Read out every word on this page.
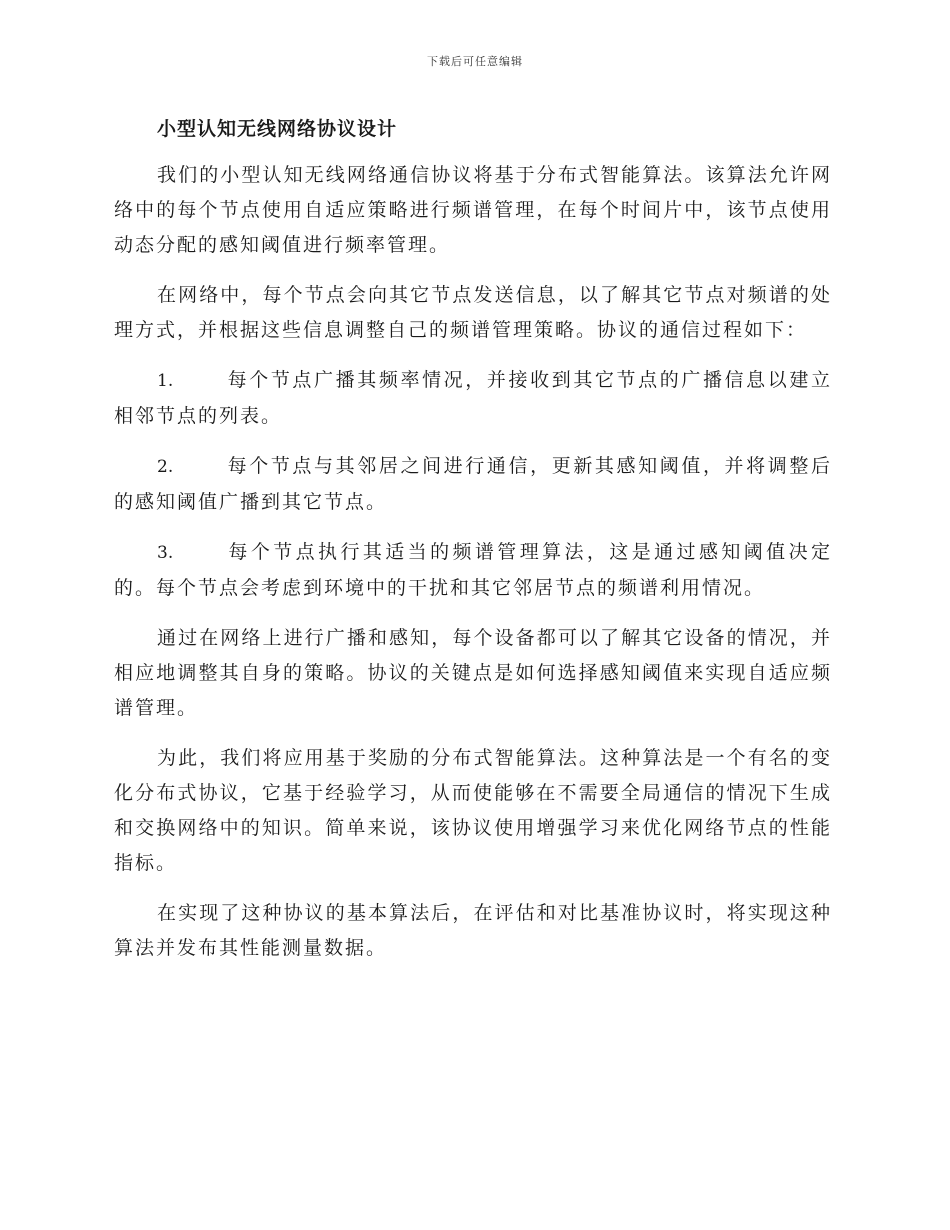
下载后可任意编辑
小型认知无线网络协议设计

我们的小型认知无线网络通信协议将基于分布式智能算法。该算法允许网络中的每个节点使用自适应策略进行频谱管理，在每个时间片中，该节点使用动态分配的感知阈值进行频率管理。

在网络中，每个节点会向其它节点发送信息，以了解其它节点对频谱的处理方式，并根据这些信息调整自己的频谱管理策略。协议的通信过程如下：

1.	每个节点广播其频率情况，并接收到其它节点的广播信息以建立相邻节点的列表。

2.	每个节点与其邻居之间进行通信，更新其感知阈值，并将调整后的感知阈值广播到其它节点。

3.	每个节点执行其适当的频谱管理算法，这是通过感知阈值决定的。每个节点会考虑到环境中的干扰和其它邻居节点的频谱利用情况。

通过在网络上进行广播和感知，每个设备都可以了解其它设备的情况，并相应地调整其自身的策略。协议的关键点是如何选择感知阈值来实现自适应频谱管理。

为此，我们将应用基于奖励的分布式智能算法。这种算法是一个有名的变化分布式协议，它基于经验学习，从而使能够在不需要全局通信的情况下生成和交换网络中的知识。简单来说，该协议使用增强学习来优化网络节点的性能指标。

在实现了这种协议的基本算法后，在评估和对比基准协议时，将实现这种算法并发布其性能测量数据。
